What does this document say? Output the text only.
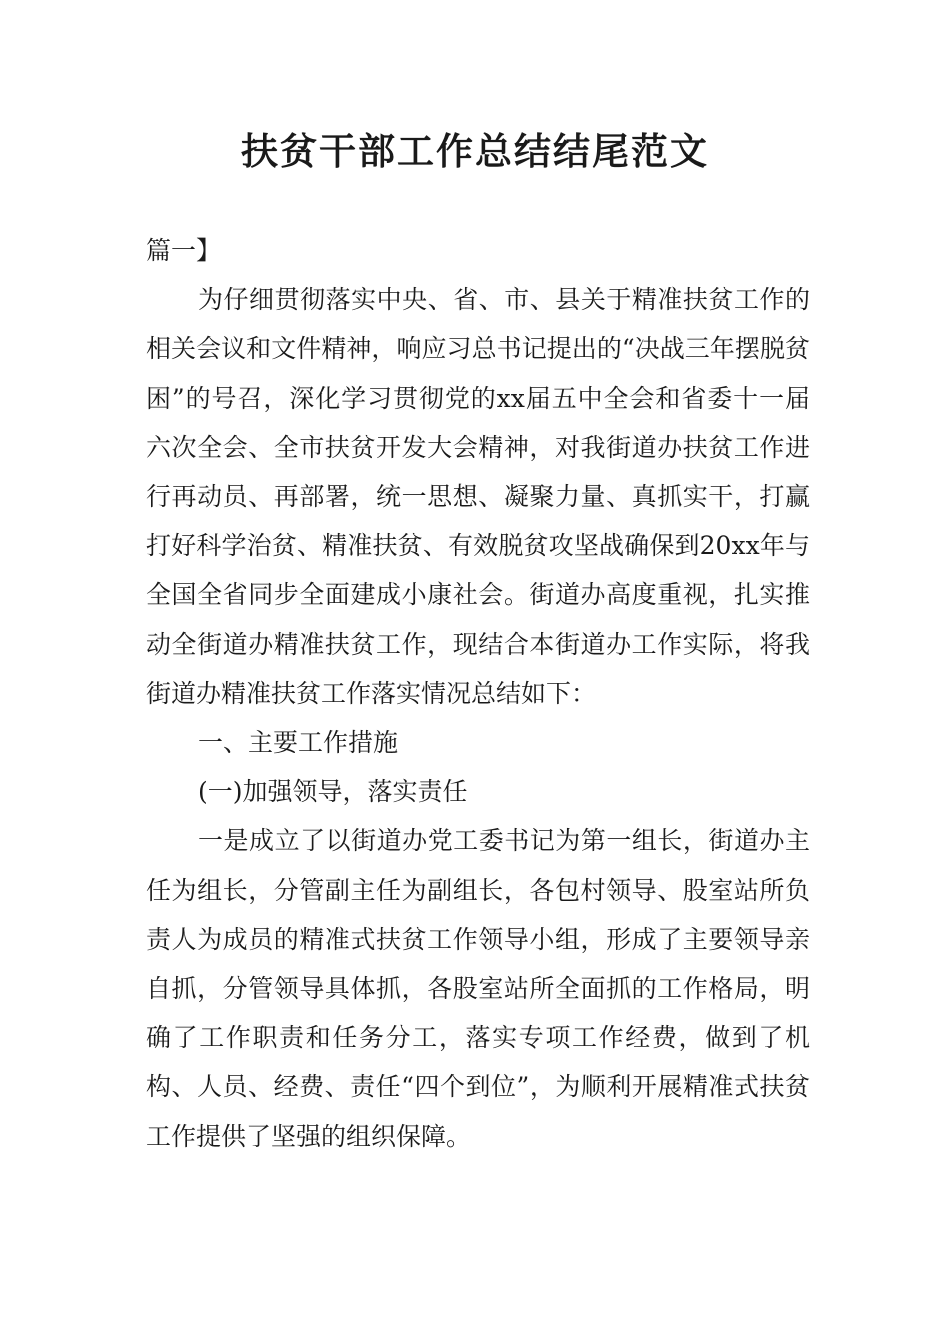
扶贫干部工作总结结尾范文

篇一】

为仔细贯彻落实中央、省、市、县关于精准扶贫工作的相关会议和文件精神，响应习总书记提出的“决战三年摆脱贫困”的号召，深化学习贯彻党的xx届五中全会和省委十一届六次全会、全市扶贫开发大会精神，对我街道办扶贫工作进行再动员、再部署，统一思想、凝聚力量、真抓实干，打赢打好科学治贫、精准扶贫、有效脱贫攻坚战确保到20xx年与全国全省同步全面建成小康社会。街道办高度重视，扎实推动全街道办精准扶贫工作，现结合本街道办工作实际，将我街道办精准扶贫工作落实情况总结如下：

一、主要工作措施

(一)加强领导，落实责任

一是成立了以街道办党工委书记为第一组长，街道办主任为组长，分管副主任为副组长，各包村领导、股室站所负责人为成员的精准式扶贫工作领导小组，形成了主要领导亲自抓，分管领导具体抓，各股室站所全面抓的工作格局，明确了工作职责和任务分工，落实专项工作经费，做到了机构、人员、经费、责任“四个到位”，为顺利开展精准式扶贫工作提供了坚强的组织保障。
